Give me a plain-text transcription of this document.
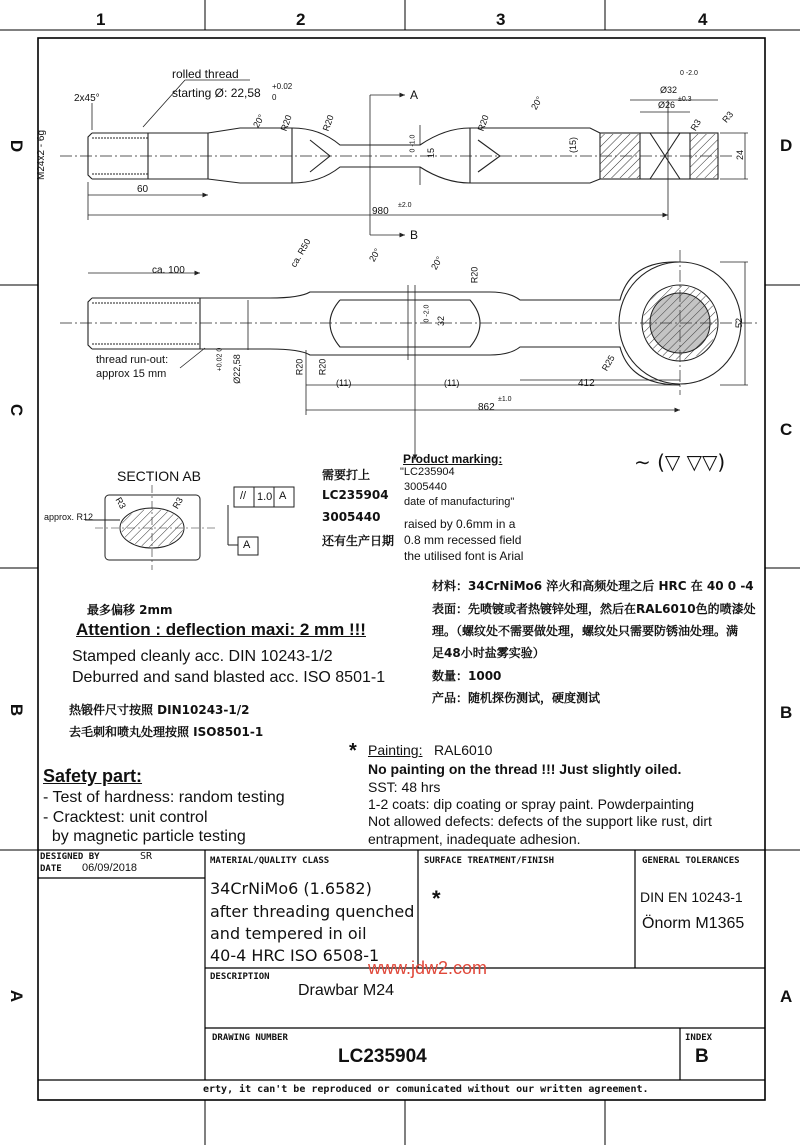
1	2	3	4
D
C
B
A
D
C
B
A
rolled thread
starting Ø: 22,58 +0.02
0
2x45°
M24x2 - 6g
60
980
±2.0
R20	R20	R20
20°
20°
15
0 -1.0	(15)
24
Ø32
0 -2.0
Ø26
±0.3
R3
R3
A
B
ca. 100
ca. R50	20°	20°
R20
R20 R20	R25
32
0 -2.0
52
(11)	(11)	412
862
±1.0
Ø22,58
+0.02 0
thread run-out:
approx 15 mm
SECTION AB
R3	R3
approx. R12
// 1.0 A
A
需要打上
LC235904
3005440
还有生产日期
Product marking:
"LC235904
3005440
date of manufacturing"
raised by 0.6mm in a
0.8 mm recessed field
the utilised font is Arial
∼ (▽ ▽▽)
材料：34CrNiMo6 淬火和高频处理之后 HRC 在 40 0 -4
表面：先喷镀或者热镀锌处理，然后在RAL6010色的喷漆处
理。（螺纹处不需要做处理，螺纹处只需要防锈油处理。满
足48小时盐雾实验）
数量：1000
产品：随机探伤测试，硬度测试
最多偏移 2mm
热锻件尺寸按照 DIN10243-1/2
去毛刺和喷丸处理按照 ISO8501-1
Attention : deflection maxi: 2 mm !!!
Stamped cleanly acc. DIN 10243-1/2
Deburred and sand blasted acc. ISO 8501-1
Safety part:
- Test of hardness: random testing
- Cracktest: unit control
by magnetic particle testing
* Painting: RAL6010
No painting on the thread !!! Just slightly oiled.
SST: 48 hrs
1-2 coats: dip coating or spray paint. Powderpainting
Not allowed defects: defects of the support like rust, dirt
entrapment, inadequate adhesion.
DESIGNED BY	SR
DATE 06/09/2018
MATERIAL/QUALITY CLASS
34CrNiMo6 (1.6582)
after threading quenched
and tempered in oil
40-4 HRC ISO 6508-1
SURFACE TREATMENT/FINISH
*
GENERAL TOLERANCES
DIN EN 10243-1
Önorm M1365
DESCRIPTION
Drawbar M24
www.jdw2.com
DRAWING NUMBER
LC235904
INDEX
B
erty, it can't be reproduced or comunicated without our written agreement.
